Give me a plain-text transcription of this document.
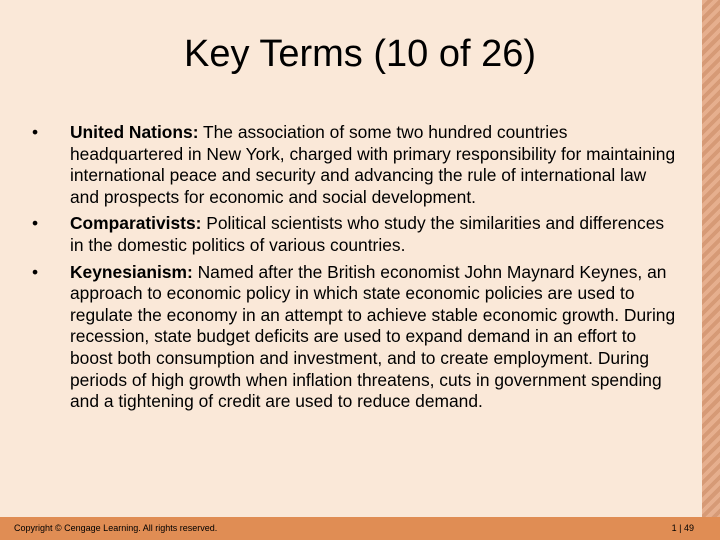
Key Terms (10 of 26)
• United Nations: The association of some two hundred countries headquartered in New York, charged with primary responsibility for maintaining international peace and security and advancing the rule of international law and prospects for economic and social development.
• Comparativists: Political scientists who study the similarities and differences in the domestic politics of various countries.
• Keynesianism: Named after the British economist John Maynard Keynes, an approach to economic policy in which state economic policies are used to regulate the economy in an attempt to achieve stable economic growth. During recession, state budget deficits are used to expand demand in an effort to boost both consumption and investment, and to create employment. During periods of high growth when inflation threatens, cuts in government spending and a tightening of credit are used to reduce demand.
Copyright © Cengage Learning. All rights reserved.	1 | 49
